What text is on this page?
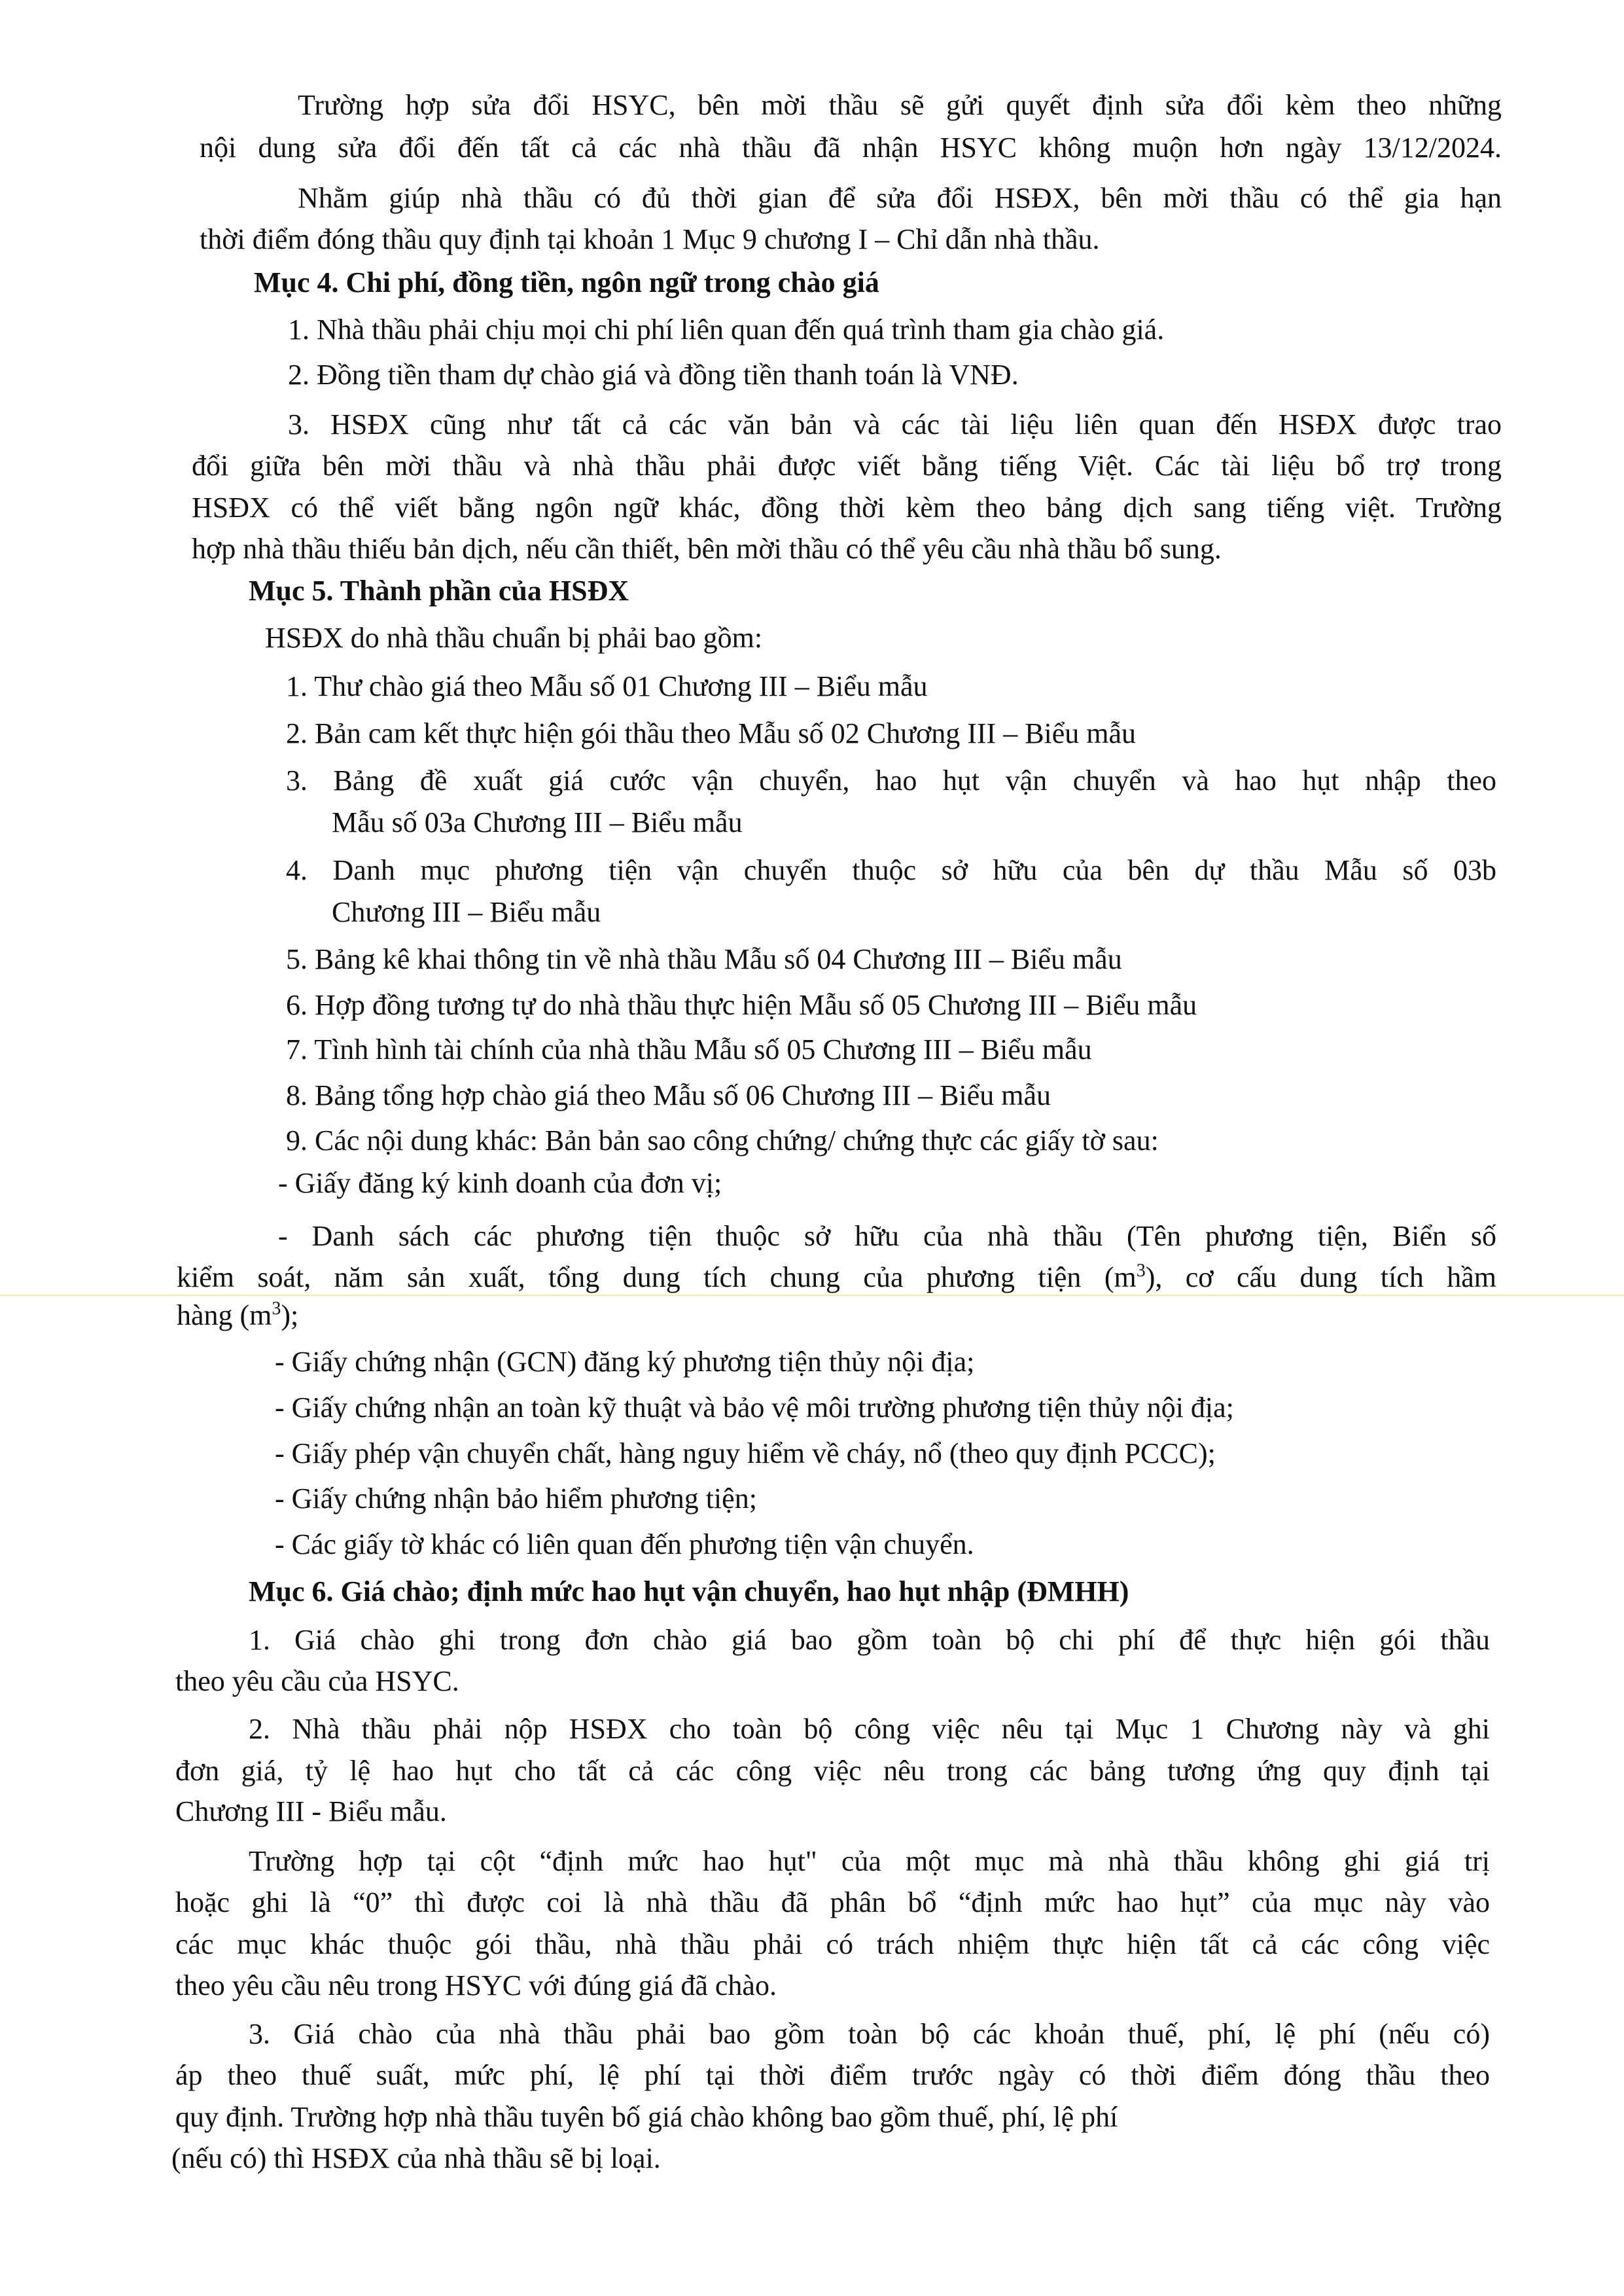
Trường hợp sửa đổi HSYC, bên mời thầu sẽ gửi quyết định sửa đổi kèm theo những
nội dung sửa đổi đến tất cả các nhà thầu đã nhận HSYC không muộn hơn ngày 13/12/2024.
Nhằm giúp nhà thầu có đủ thời gian để sửa đổi HSĐX, bên mời thầu có thể gia hạn
thời điểm đóng thầu quy định tại khoản 1 Mục 9 chương I – Chỉ dẫn nhà thầu.
Mục 4. Chi phí, đồng tiền, ngôn ngữ trong chào giá
1. Nhà thầu phải chịu mọi chi phí liên quan đến quá trình tham gia chào giá.
2. Đồng tiền tham dự chào giá và đồng tiền thanh toán là VNĐ.
3. HSĐX cũng như tất cả các văn bản và các tài liệu liên quan đến HSĐX được trao
đổi giữa bên mời thầu và nhà thầu phải được viết bằng tiếng Việt. Các tài liệu bổ trợ trong
HSĐX có thể viết bằng ngôn ngữ khác, đồng thời kèm theo bảng dịch sang tiếng việt. Trường
hợp nhà thầu thiếu bản dịch, nếu cần thiết, bên mời thầu có thể yêu cầu nhà thầu bổ sung.
Mục 5. Thành phần của HSĐX
HSĐX do nhà thầu chuẩn bị phải bao gồm:
1. Thư chào giá theo Mẫu số 01 Chương III – Biểu mẫu
2. Bản cam kết thực hiện gói thầu theo Mẫu số 02 Chương III – Biểu mẫu
3. Bảng đề xuất giá cước vận chuyển, hao hụt vận chuyển và hao hụt nhập theo
Mẫu số 03a Chương III – Biểu mẫu
4. Danh mục phương tiện vận chuyển thuộc sở hữu của bên dự thầu Mẫu số 03b
Chương III – Biểu mẫu
5. Bảng kê khai thông tin về nhà thầu Mẫu số 04 Chương III – Biểu mẫu
6. Hợp đồng tương tự do nhà thầu thực hiện Mẫu số 05 Chương III – Biểu mẫu
7. Tình hình tài chính của nhà thầu Mẫu số 05 Chương III – Biểu mẫu
8. Bảng tổng hợp chào giá theo Mẫu số 06 Chương III – Biểu mẫu
9. Các nội dung khác: Bản bản sao công chứng/ chứng thực các giấy tờ sau:
- Giấy đăng ký kinh doanh của đơn vị;
- Danh sách các phương tiện thuộc sở hữu của nhà thầu (Tên phương tiện, Biển số
kiểm soát, năm sản xuất, tổng dung tích chung của phương tiện $(m^3)$, cơ cấu dung tích hầm
hàng $(m^3)$;
- Giấy chứng nhận (GCN) đăng ký phương tiện thủy nội địa;
- Giấy chứng nhận an toàn kỹ thuật và bảo vệ môi trường phương tiện thủy nội địa;
- Giấy phép vận chuyển chất, hàng nguy hiểm về cháy, nổ (theo quy định PCCC);
- Giấy chứng nhận bảo hiểm phương tiện;
- Các giấy tờ khác có liên quan đến phương tiện vận chuyển.
Mục 6. Giá chào; định mức hao hụt vận chuyển, hao hụt nhập (ĐMHH)
1. Giá chào ghi trong đơn chào giá bao gồm toàn bộ chi phí để thực hiện gói thầu
theo yêu cầu của HSYC.
2. Nhà thầu phải nộp HSĐX cho toàn bộ công việc nêu tại Mục 1 Chương này và ghi
đơn giá, tỷ lệ hao hụt cho tất cả các công việc nêu trong các bảng tương ứng quy định tại
Chương III - Biểu mẫu.
Trường hợp tại cột “định mức hao hụt" của một mục mà nhà thầu không ghi giá trị
hoặc ghi là “0” thì được coi là nhà thầu đã phân bổ “định mức hao hụt” của mục này vào
các mục khác thuộc gói thầu, nhà thầu phải có trách nhiệm thực hiện tất cả các công việc
theo yêu cầu nêu trong HSYC với đúng giá đã chào.
3. Giá chào của nhà thầu phải bao gồm toàn bộ các khoản thuế, phí, lệ phí (nếu có)
áp theo thuế suất, mức phí, lệ phí tại thời điểm trước ngày có thời điểm đóng thầu theo
quy định. Trường hợp nhà thầu tuyên bố giá chào không bao gồm thuế, phí, lệ phí
(nếu có) thì HSĐX của nhà thầu sẽ bị loại.
